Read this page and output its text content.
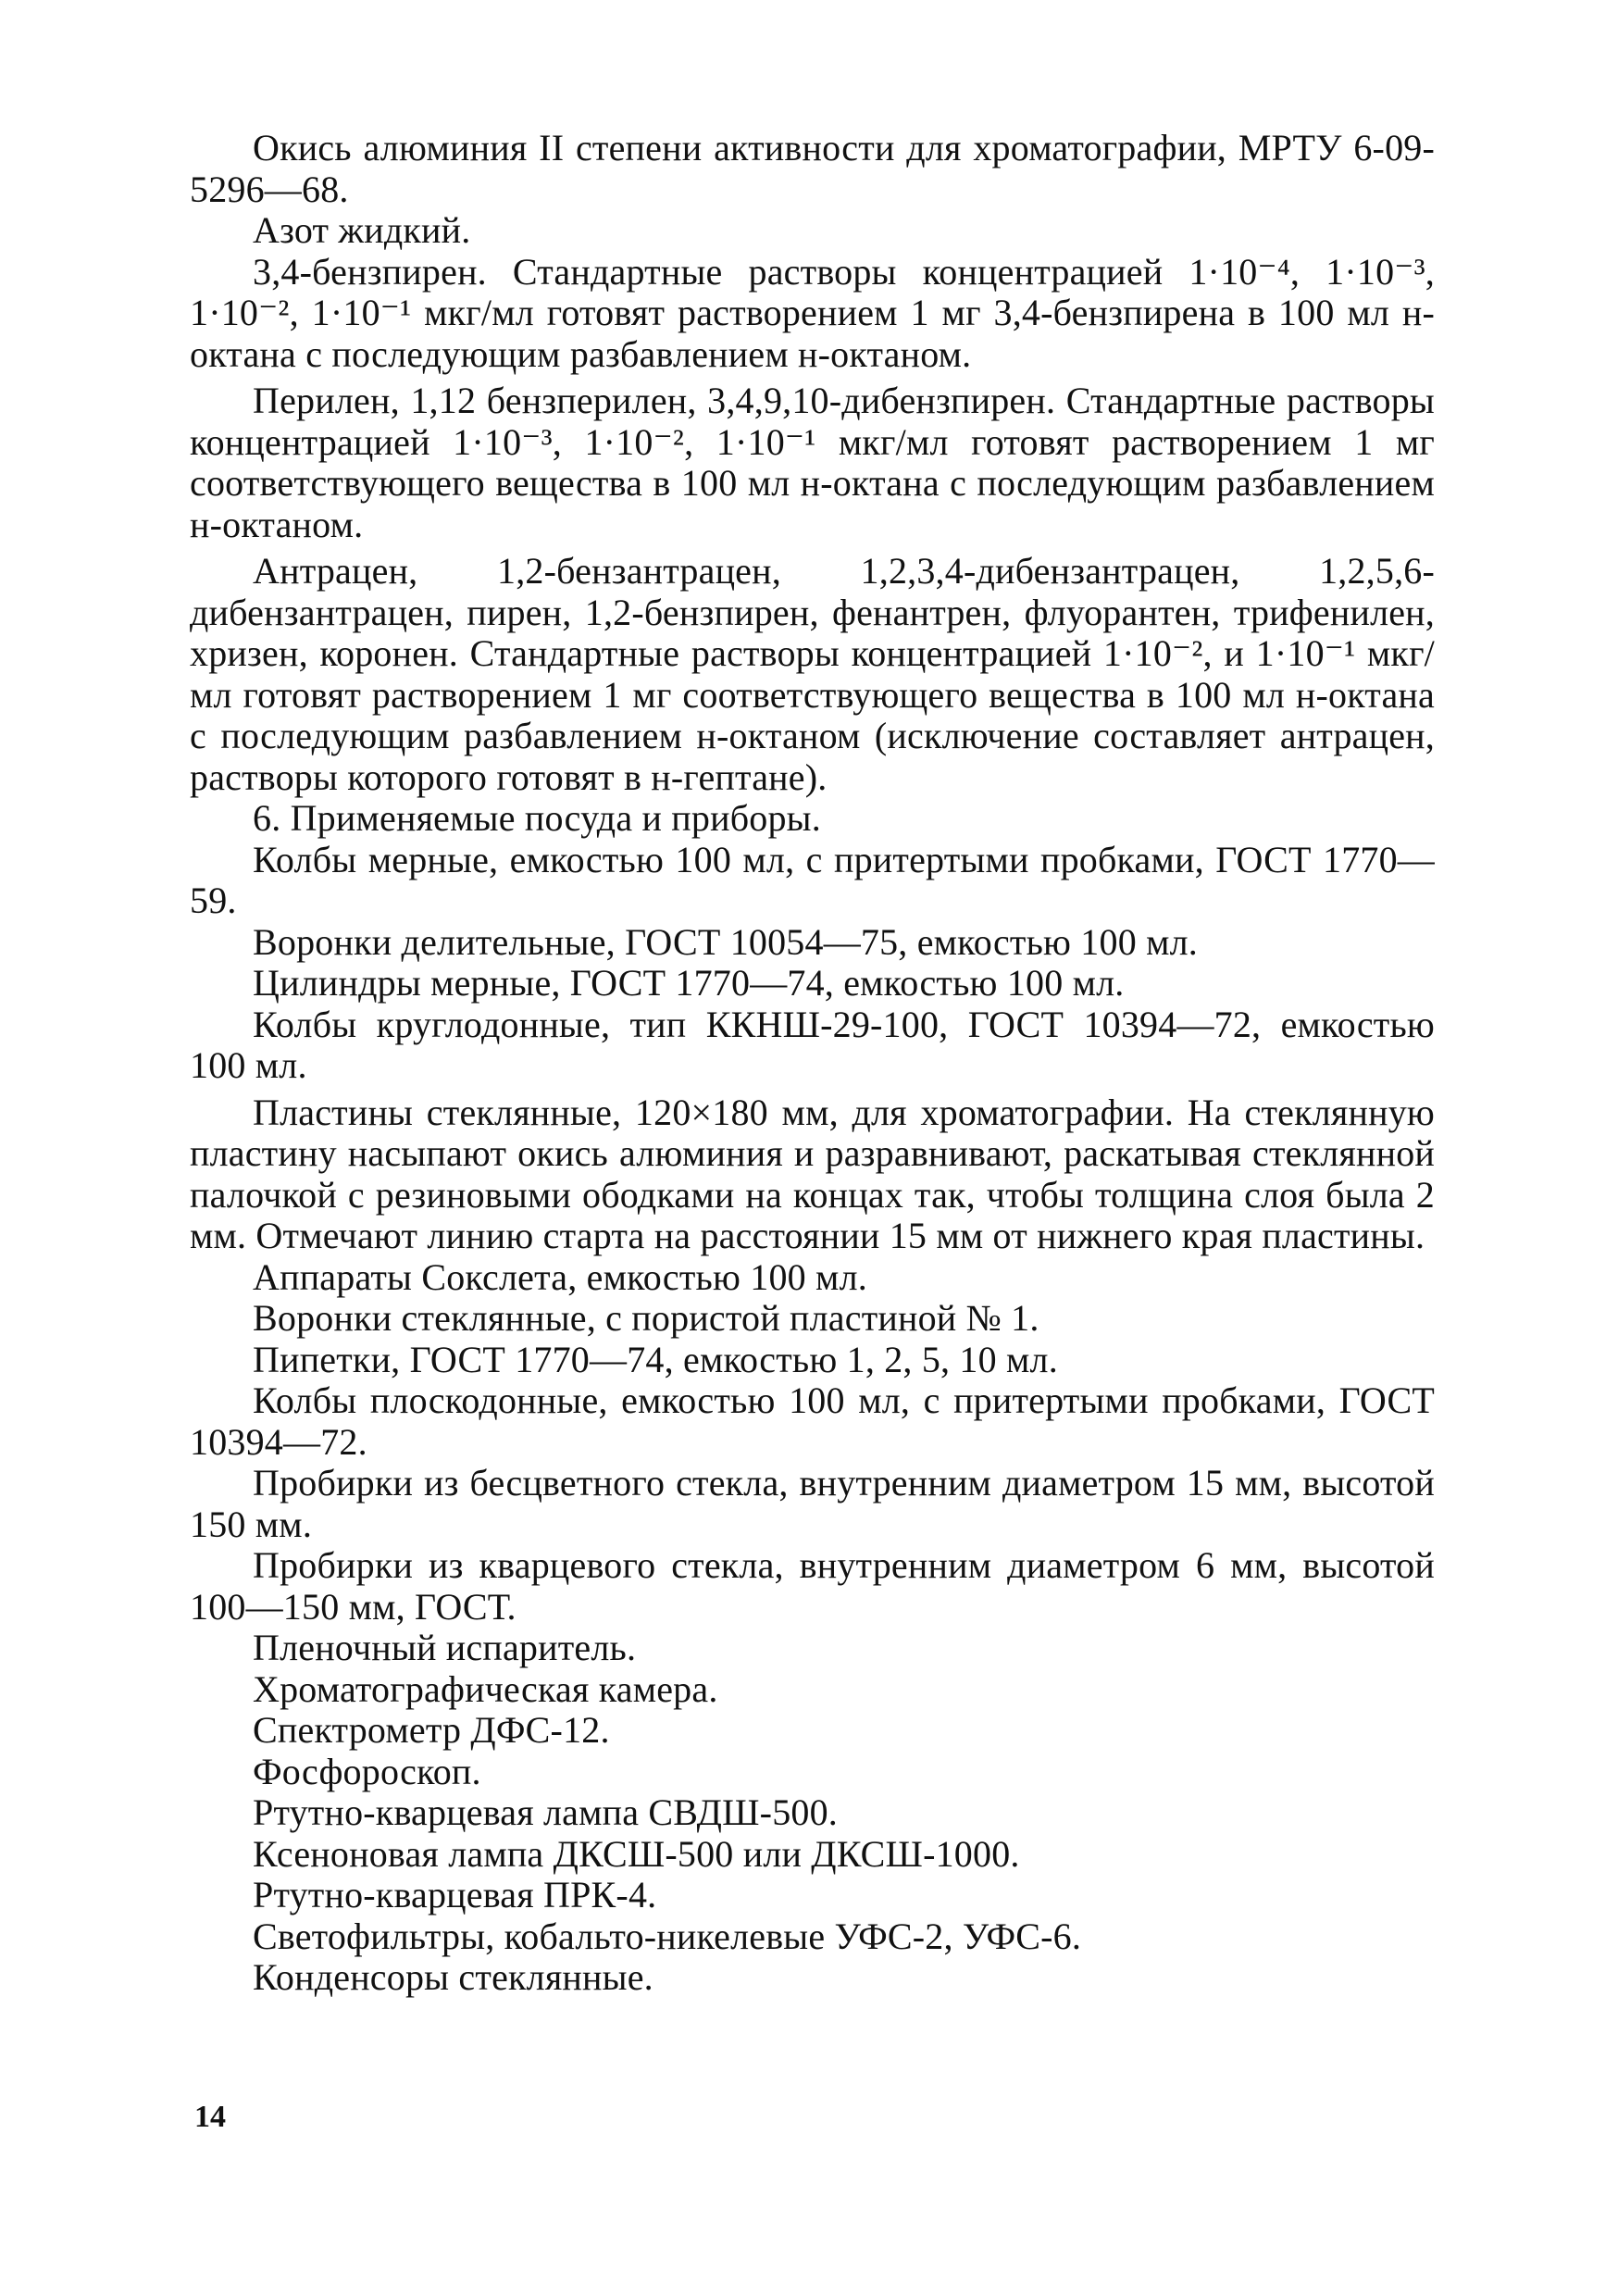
Окись алюминия II степени активности для хроматографии, МРТУ 6-09-5296—68.

Азот жидкий.

3,4-бензпирен. Стандартные растворы концентрацией 1·10⁻⁴, 1·10⁻³, 1·10⁻², 1·10⁻¹ мкг/мл готовят растворением 1 мг 3,4-бензпирена в 100 мл н-октана с последующим разбавлением н-октаном.

Перилен, 1,12 бензперилен, 3,4,9,10-дибензпирен. Стандартные растворы концентрацией 1·10⁻³, 1·10⁻², 1·10⁻¹ мкг/мл готовят растворением 1 мг соответствующего вещества в 100 мл н-октана с последующим разбавлением н-октаном.

Антрацен, 1,2-бензантрацен, 1,2,3,4-дибензантрацен, 1,2,5,6-дибензантрацен, пирен, 1,2-бензпирен, фенантрен, флуорантен, трифенилен, хризен, коронен. Стандартные растворы концентрацией 1·10⁻², и 1·10⁻¹ мкг/мл готовят растворением 1 мг соответствующего вещества в 100 мл н-октана с последующим разбавлением н-октаном (исключение составляет антрацен, растворы которого готовят в н-гептане).

6. Применяемые посуда и приборы.

Колбы мерные, емкостью 100 мл, с притертыми пробками, ГОСТ 1770—59.

Воронки делительные, ГОСТ 10054—75, емкостью 100 мл.

Цилиндры мерные, ГОСТ 1770—74, емкостью 100 мл.

Колбы круглодонные, тип ККНШ-29-100, ГОСТ 10394—72, емкостью 100 мл.

Пластины стеклянные, 120×180 мм, для хроматографии. На стеклянную пластину насыпают окись алюминия и разравнивают, раскатывая стеклянной палочкой с резиновыми ободками на концах так, чтобы толщина слоя была 2 мм. Отмечают линию старта на расстоянии 15 мм от нижнего края пластины.

Аппараты Сокслета, емкостью 100 мл.

Воронки стеклянные, с пористой пластиной № 1.

Пипетки, ГОСТ 1770—74, емкостью 1, 2, 5, 10 мл.

Колбы плоскодонные, емкостью 100 мл, с притертыми пробками, ГОСТ 10394—72.

Пробирки из бесцветного стекла, внутренним диаметром 15 мм, высотой 150 мм.

Пробирки из кварцевого стекла, внутренним диаметром 6 мм, высотой 100—150 мм, ГОСТ.

Пленочный испаритель.

Хроматографическая камера.

Спектрометр ДФС-12.

Фосфороскоп.

Ртутно-кварцевая лампа СВДШ-500.

Ксеноновая лампа ДКСШ-500 или ДКСШ-1000.

Ртутно-кварцевая ПРК-4.

Светофильтры, кобальто-никелевые УФС-2, УФС-6.

Конденсоры стеклянные.

14
